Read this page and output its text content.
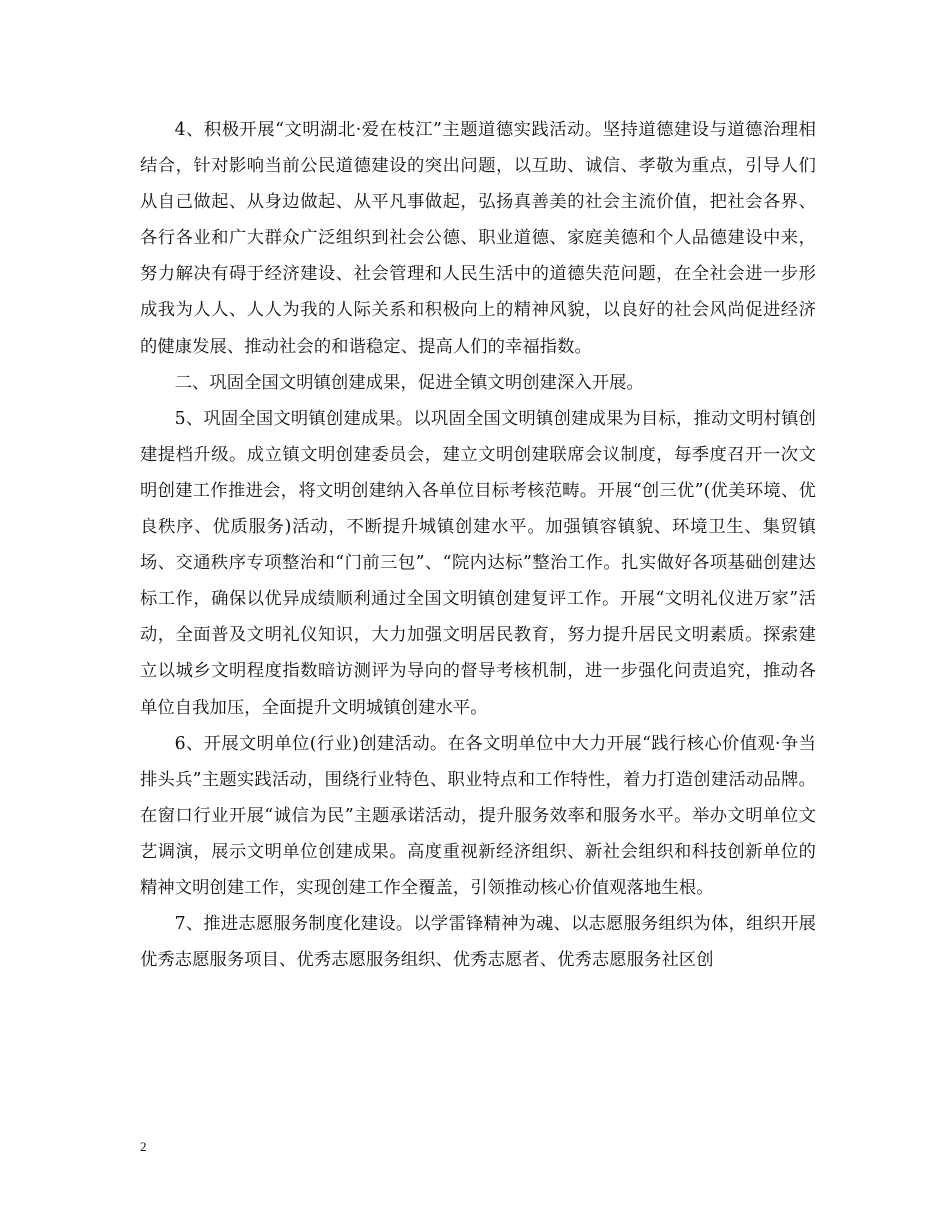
4、积极开展“文明湖北·爱在枝江”主题道德实践活动。坚持道德建设与道德治理相结合，针对影响当前公民道德建设的突出问题，以互助、诚信、孝敬为重点，引导人们从自己做起、从身边做起、从平凡事做起，弘扬真善美的社会主流价值，把社会各界、各行各业和广大群众广泛组织到社会公德、职业道德、家庭美德和个人品德建设中来，努力解决有碍于经济建设、社会管理和人民生活中的道德失范问题，在全社会进一步形成我为人人、人人为我的人际关系和积极向上的精神风貌，以良好的社会风尚促进经济的健康发展、推动社会的和谐稳定、提高人们的幸福指数。

二、巩固全国文明镇创建成果，促进全镇文明创建深入开展。

5、巩固全国文明镇创建成果。以巩固全国文明镇创建成果为目标，推动文明村镇创建提档升级。成立镇文明创建委员会，建立文明创建联席会议制度，每季度召开一次文明创建工作推进会，将文明创建纳入各单位目标考核范畴。开展“创三优”(优美环境、优良秩序、优质服务)活动，不断提升城镇创建水平。加强镇容镇貌、环境卫生、集贸镇场、交通秩序专项整治和“门前三包”、“院内达标”整治工作。扎实做好各项基础创建达标工作，确保以优异成绩顺利通过全国文明镇创建复评工作。开展“文明礼仪进万家”活动，全面普及文明礼仪知识，大力加强文明居民教育，努力提升居民文明素质。探索建立以城乡文明程度指数暗访测评为导向的督导考核机制，进一步强化问责追究，推动各单位自我加压，全面提升文明城镇创建水平。

6、开展文明单位(行业)创建活动。在各文明单位中大力开展“践行核心价值观·争当排头兵”主题实践活动，围绕行业特色、职业特点和工作特性，着力打造创建活动品牌。在窗口行业开展“诚信为民”主题承诺活动，提升服务效率和服务水平。举办文明单位文艺调演，展示文明单位创建成果。高度重视新经济组织、新社会组织和科技创新单位的精神文明创建工作，实现创建工作全覆盖，引领推动核心价值观落地生根。

7、推进志愿服务制度化建设。以学雷锋精神为魂、以志愿服务组织为体，组织开展优秀志愿服务项目、优秀志愿服务组织、优秀志愿者、优秀志愿服务社区创

2
